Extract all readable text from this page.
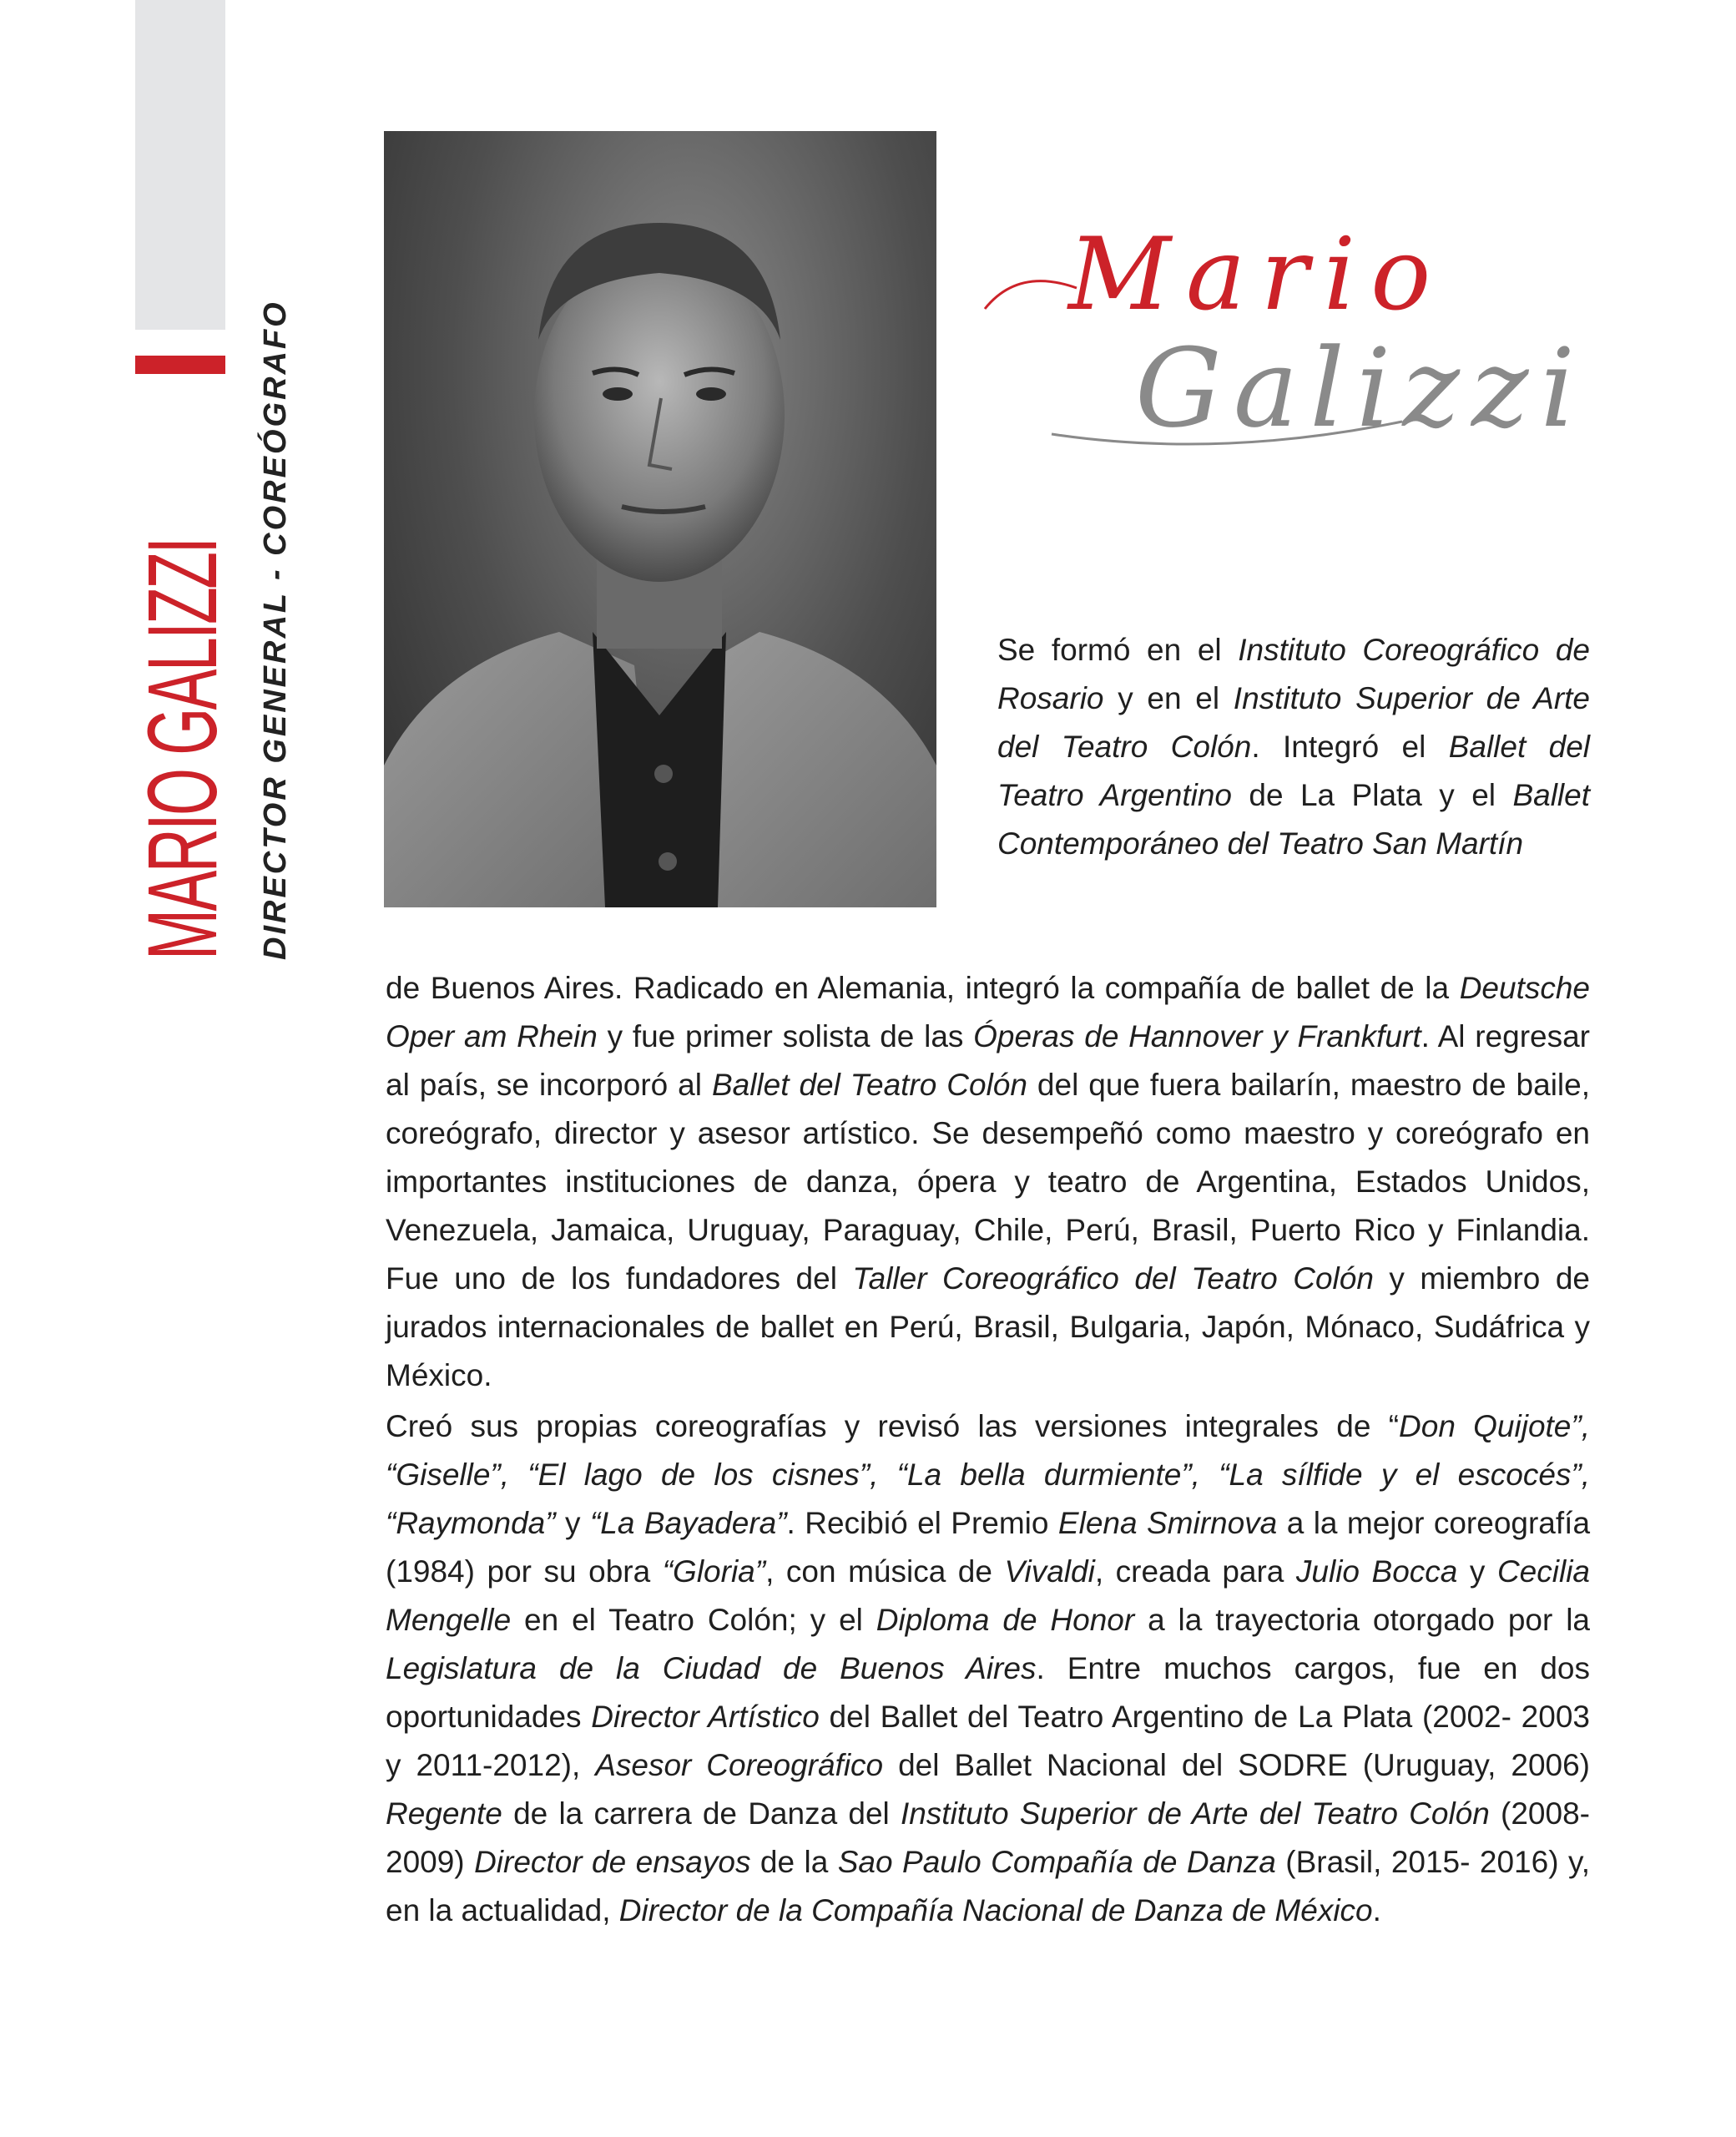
MARIO GALIZZI DIRECTOR GENERAL - COREÓGRAFO
Mario
Galizzi
Se formó en el Instituto Coreográfico de Rosario y en el Instituto Superior de Arte del Teatro Colón. Integró el Ballet del Teatro Argentino de La Plata y el Ballet Contemporáneo del Teatro San Martín
de Buenos Aires. Radicado en Alemania, integró la compañía de ballet de la Deutsche Oper am Rhein y fue primer solista de las Óperas de Hannover y Frankfurt. Al regresar al país, se incorporó al Ballet del Teatro Colón del que fuera bailarín, maestro de baile, coreógrafo, director y asesor artístico. Se desempeñó como maestro y coreógrafo en importantes instituciones de danza, ópera y teatro de Argentina, Estados Unidos, Venezuela, Jamaica, Uruguay, Paraguay, Chile, Perú, Brasil, Puerto Rico y Finlandia. Fue uno de los fundadores del Taller Coreográfico del Teatro Colón y miembro de jurados internacionales de ballet en Perú, Brasil, Bulgaria, Japón, Mónaco, Sudáfrica y México.
Creó sus propias coreografías y revisó las versiones integrales de “Don Quijote”, “Giselle”, “El lago de los cisnes”, “La bella durmiente”, “La sílfide y el escocés”, “Raymonda” y “La Bayadera”. Recibió el Premio Elena Smirnova a la mejor coreografía (1984) por su obra “Gloria”, con música de Vivaldi, creada para Julio Bocca y Cecilia Mengelle en el Teatro Colón; y el Diploma de Honor a la trayectoria otorgado por la Legislatura de la Ciudad de Buenos Aires. Entre muchos cargos, fue en dos oportunidades Director Artístico del Ballet del Teatro Argentino de La Plata (2002- 2003 y 2011-2012), Asesor Coreográfico del Ballet Nacional del SODRE (Uruguay, 2006) Regente de la carrera de Danza del Instituto Superior de Arte del Teatro Colón (2008-2009) Director de ensayos de la Sao Paulo Compañía de Danza (Brasil, 2015- 2016) y, en la actualidad, Director de la Compañía Nacional de Danza de México.
